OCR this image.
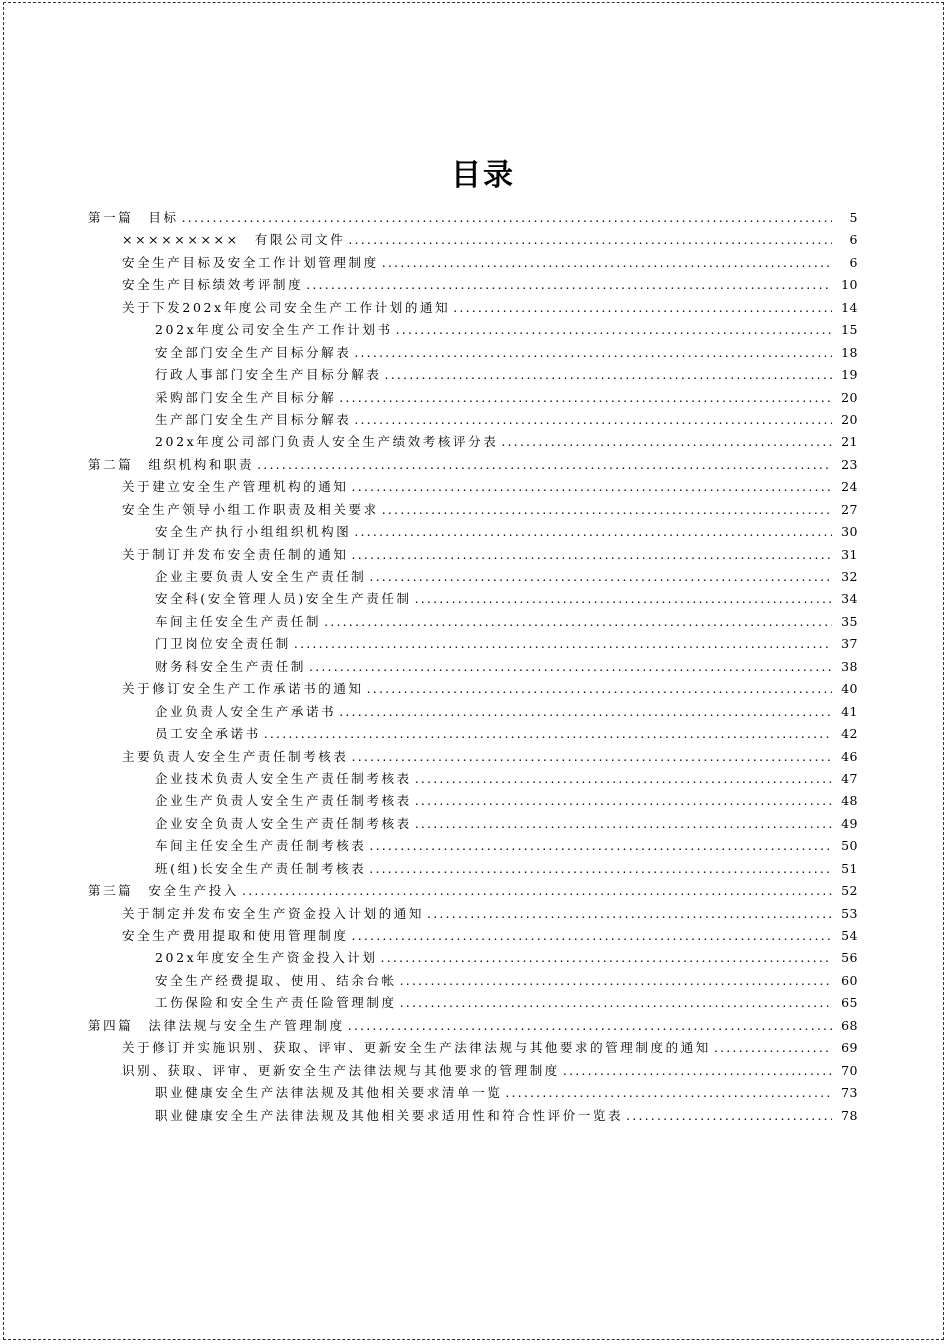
目录
第一篇　目标 .....	5
×××××××××　有限公司文件 .....	6
安全生产目标及安全工作计划管理制度 .....	6
安全生产目标绩效考评制度 .....	10
关于下发202x年度公司安全生产工作计划的通知 .....	14
202x年度公司安全生产工作计划书 .....	15
安全部门安全生产目标分解表 .....	18
行政人事部门安全生产目标分解表 .....	19
采购部门安全生产目标分解 .....	20
生产部门安全生产目标分解表 .....	20
202x年度公司部门负责人安全生产绩效考核评分表 .....	21
第二篇　组织机构和职责 .....	23
关于建立安全生产管理机构的通知 .....	24
安全生产领导小组工作职责及相关要求 .....	27
安全生产执行小组组织机构图 .....	30
关于制订并发布安全责任制的通知 .....	31
企业主要负责人安全生产责任制 .....	32
安全科(安全管理人员)安全生产责任制 .....	34
车间主任安全生产责任制 .....	35
门卫岗位安全责任制 .....	37
财务科安全生产责任制 .....	38
关于修订安全生产工作承诺书的通知 .....	40
企业负责人安全生产承诺书 .....	41
员工安全承诺书 .....	42
主要负责人安全生产责任制考核表 .....	46
企业技术负责人安全生产责任制考核表 .....	47
企业生产负责人安全生产责任制考核表 .....	48
企业安全负责人安全生产责任制考核表 .....	49
车间主任安全生产责任制考核表 .....	50
班(组)长安全生产责任制考核表 .....	51
第三篇　安全生产投入 .....	52
关于制定并发布安全生产资金投入计划的通知 .....	53
安全生产费用提取和使用管理制度 .....	54
202x年度安全生产资金投入计划 .....	56
安全生产经费提取、使用、结余台帐 .....	60
工伤保险和安全生产责任险管理制度 .....	65
第四篇　法律法规与安全生产管理制度 .....	68
关于修订并实施识别、获取、评审、更新安全生产法律法规与其他要求的管理制度的通知 .....	69
识别、获取、评审、更新安全生产法律法规与其他要求的管理制度 .....	70
职业健康安全生产法律法规及其他相关要求清单一览 .....	73
职业健康安全生产法律法规及其他相关要求适用性和符合性评价一览表 .....	78
